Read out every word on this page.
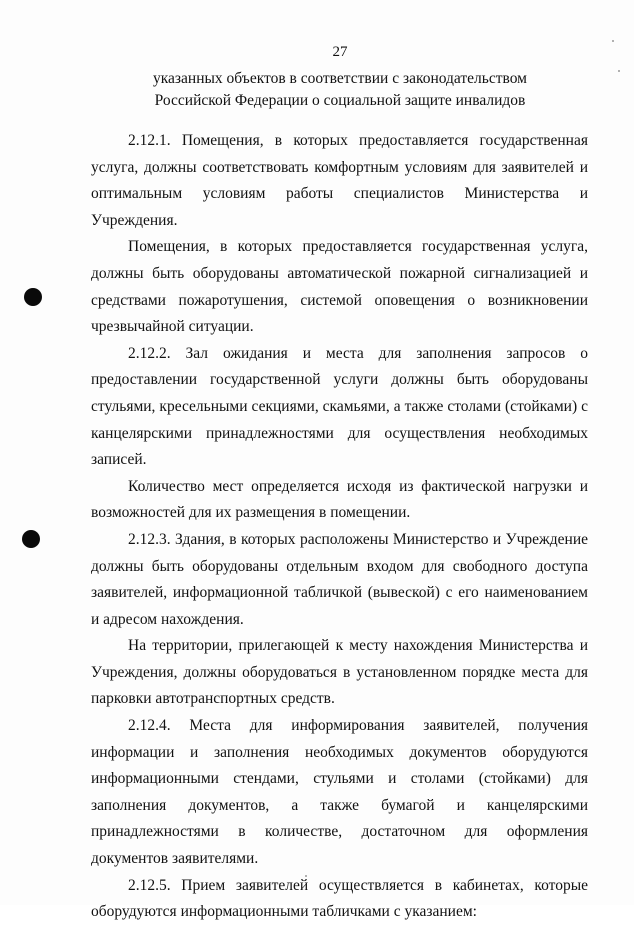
27
указанных объектов в соответствии с законодательством
Российской Федерации о социальной защите инвалидов

2.12.1. Помещения, в которых предоставляется государственная услуга, должны соответствовать комфортным условиям для заявителей и оптимальным условиям работы специалистов Министерства и Учреждения.

Помещения, в которых предоставляется государственная услуга, должны быть оборудованы автоматической пожарной сигнализацией и средствами пожаротушения, системой оповещения о возникновении чрезвычайной ситуации.

2.12.2. Зал ожидания и места для заполнения запросов о предоставлении государственной услуги должны быть оборудованы стульями, кресельными секциями, скамьями, а также столами (стойками) с канцелярскими принадлежностями для осуществления необходимых записей.

Количество мест определяется исходя из фактической нагрузки и возможностей для их размещения в помещении.

2.12.3. Здания, в которых расположены Министерство и Учреждение должны быть оборудованы отдельным входом для свободного доступа заявителей, информационной табличкой (вывеской) с его наименованием и адресом нахождения.

На территории, прилегающей к месту нахождения Министерства и Учреждения, должны оборудоваться в установленном порядке места для парковки автотранспортных средств.

2.12.4. Места для информирования заявителей, получения информации и заполнения необходимых документов оборудуются информационными стендами, стульями и столами (стойками) для заполнения документов, а также бумагой и канцелярскими принадлежностями в количестве, достаточном для оформления документов заявителями.

2.12.5. Прием заявителей осуществляется в кабинетах, которые оборудуются информационными табличками с указанием:
